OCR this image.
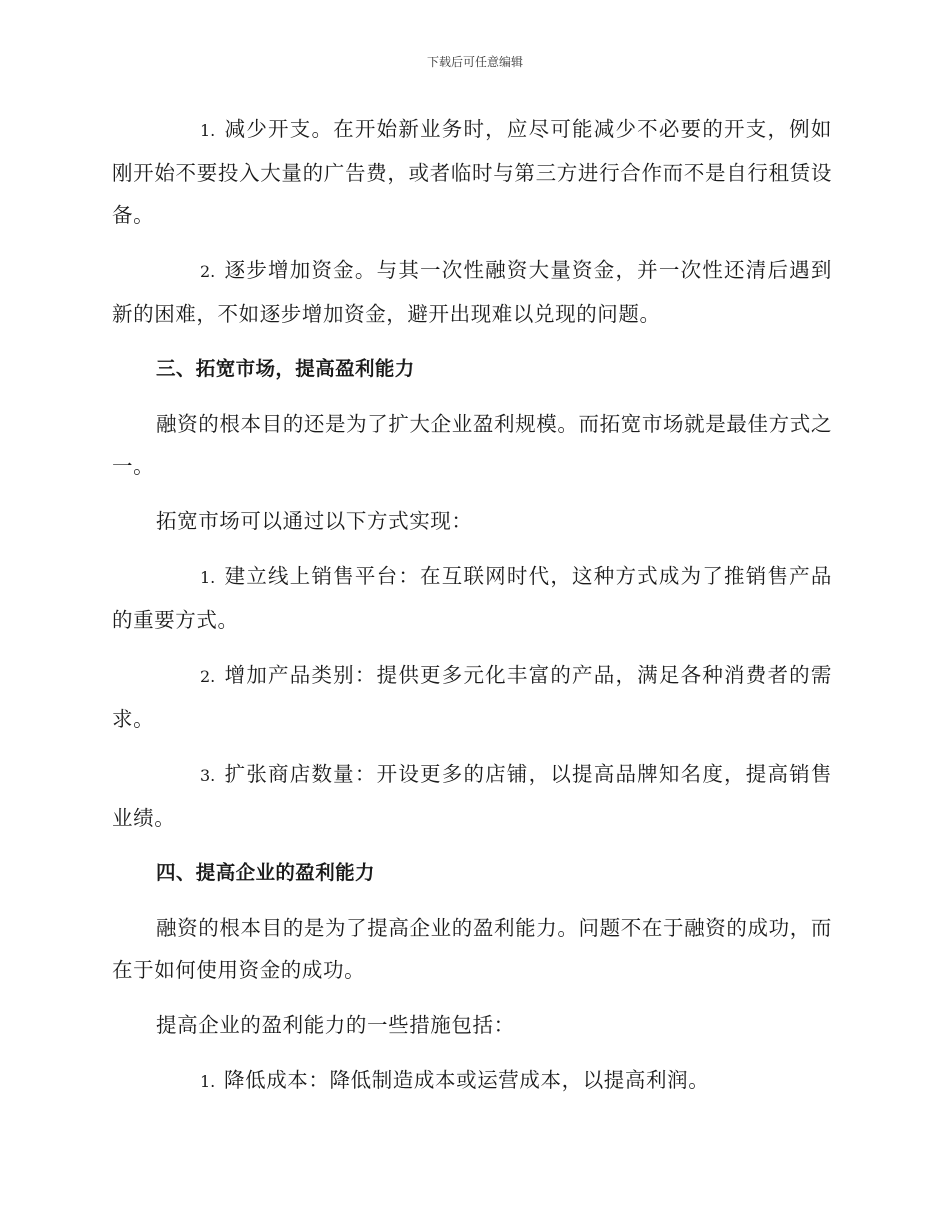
下载后可任意编辑

1. 减少开支。在开始新业务时，应尽可能减少不必要的开支，例如刚开始不要投入大量的广告费，或者临时与第三方进行合作而不是自行租赁设备。

2. 逐步增加资金。与其一次性融资大量资金，并一次性还清后遇到新的困难，不如逐步增加资金，避开出现难以兑现的问题。

三、拓宽市场，提高盈利能力

融资的根本目的还是为了扩大企业盈利规模。而拓宽市场就是最佳方式之一。

拓宽市场可以通过以下方式实现：

1. 建立线上销售平台：在互联网时代，这种方式成为了推销售产品的重要方式。

2. 增加产品类别：提供更多元化丰富的产品，满足各种消费者的需求。

3. 扩张商店数量：开设更多的店铺，以提高品牌知名度，提高销售业绩。

四、提高企业的盈利能力

融资的根本目的是为了提高企业的盈利能力。问题不在于融资的成功，而在于如何使用资金的成功。

提高企业的盈利能力的一些措施包括：

1. 降低成本：降低制造成本或运营成本，以提高利润。
